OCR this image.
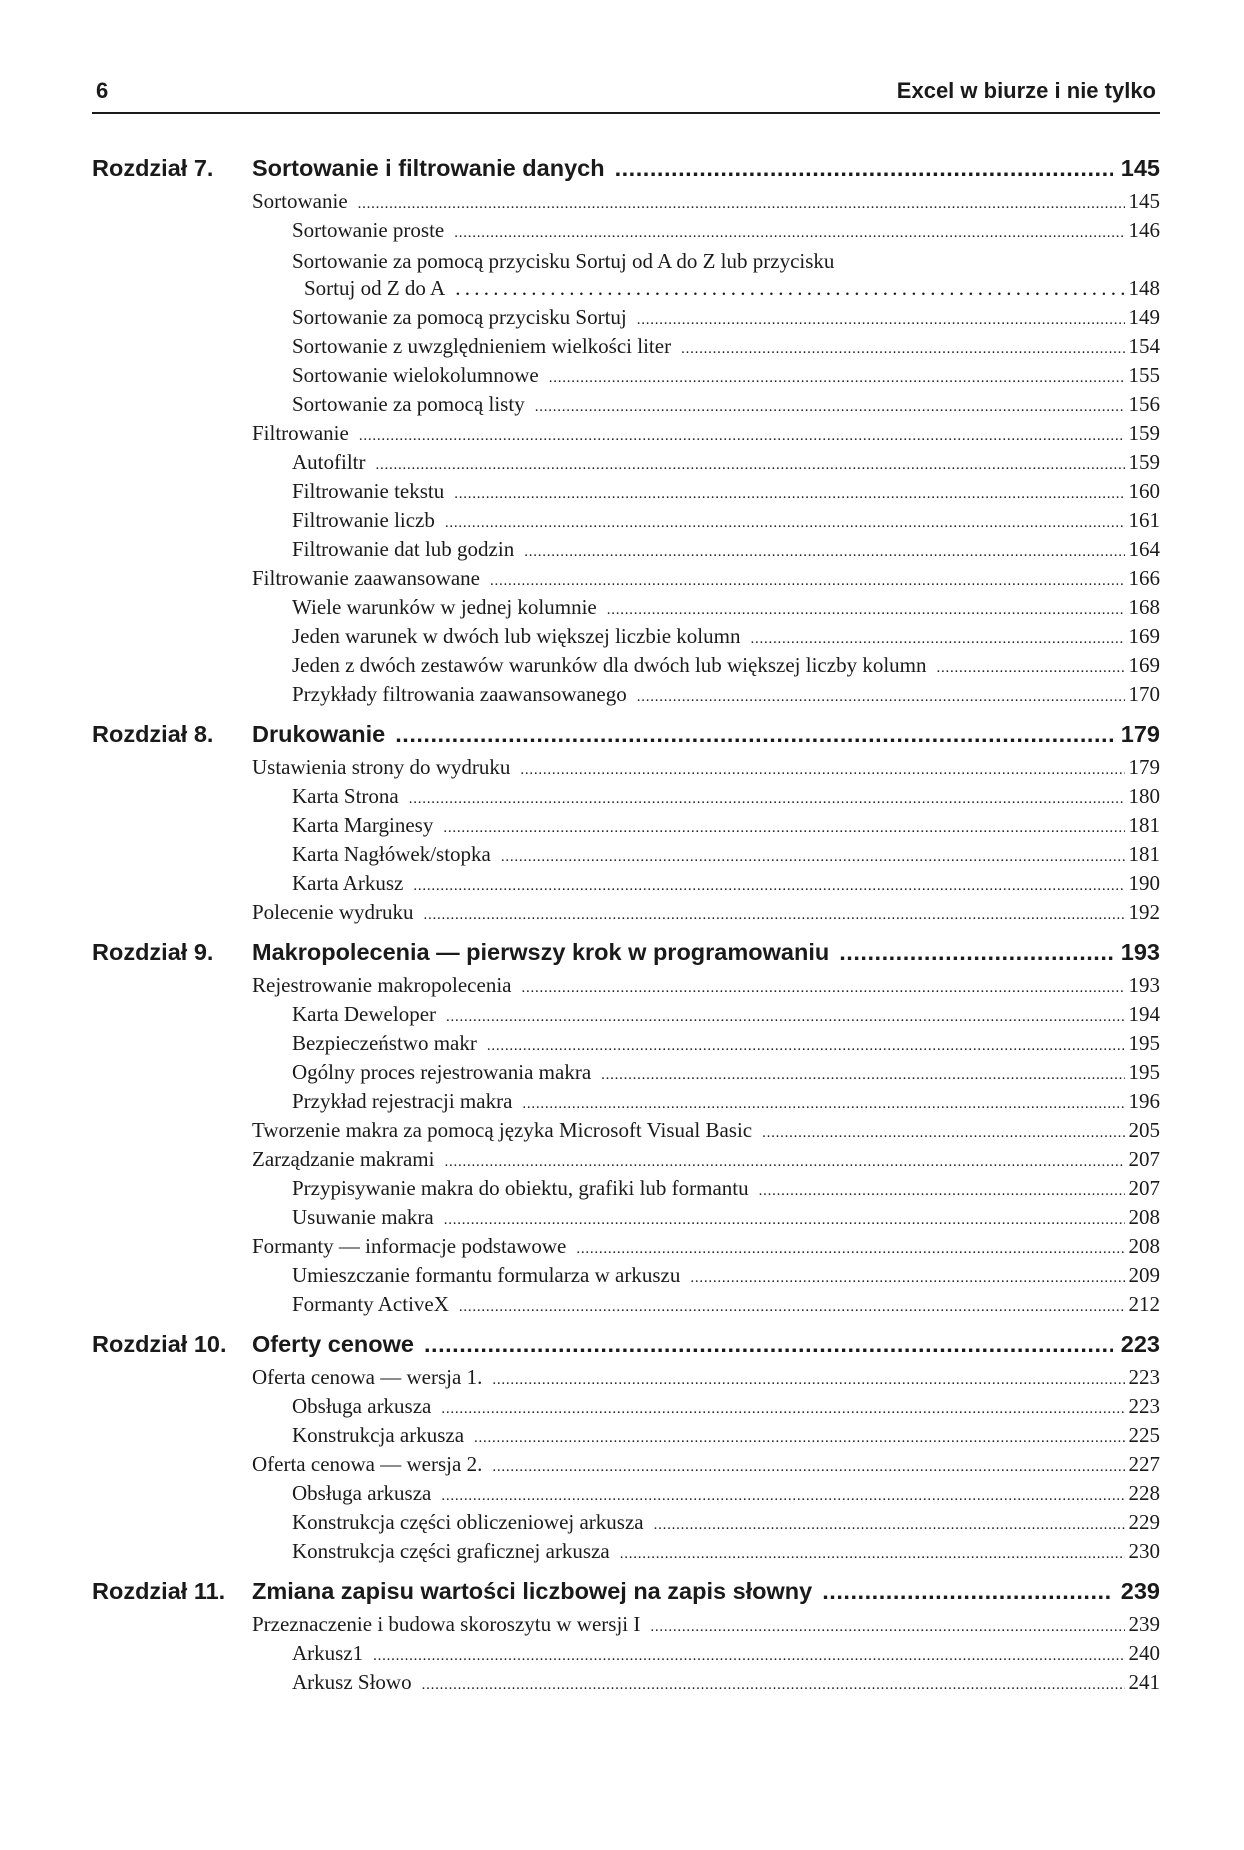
6	Excel w biurze i nie tylko
Rozdział 7.	Sortowanie i filtrowanie danych . . .	145
Sortowanie . . .	145
Sortowanie proste . . .	146
Sortowanie za pomocą przycisku Sortuj od A do Z lub przycisku
Sortuj od Z do A . . .	148
Sortowanie za pomocą przycisku Sortuj . . .	149
Sortowanie z uwzględnieniem wielkości liter . . .	154
Sortowanie wielokolumnowe . . .	155
Sortowanie za pomocą listy . . .	156
Filtrowanie . . .	159
Autofiltr . . .	159
Filtrowanie tekstu . . .	160
Filtrowanie liczb . . .	161
Filtrowanie dat lub godzin . . .	164
Filtrowanie zaawansowane . . .	166
Wiele warunków w jednej kolumnie . . .	168
Jeden warunek w dwóch lub większej liczbie kolumn . . .	169
Jeden z dwóch zestawów warunków dla dwóch lub większej liczby kolumn . . .	169
Przykłady filtrowania zaawansowanego . . .	170
Rozdział 8.	Drukowanie . . .	179
Ustawienia strony do wydruku . . .	179
Karta Strona . . .	180
Karta Marginesy . . .	181
Karta Nagłówek/stopka . . .	181
Karta Arkusz . . .	190
Polecenie wydruku . . .	192
Rozdział 9.	Makropolecenia — pierwszy krok w programowaniu . . .	193
Rejestrowanie makropolecenia . . .	193
Karta Deweloper . . .	194
Bezpieczeństwo makr . . .	195
Ogólny proces rejestrowania makra . . .	195
Przykład rejestracji makra . . .	196
Tworzenie makra za pomocą języka Microsoft Visual Basic . . .	205
Zarządzanie makrami . . .	207
Przypisywanie makra do obiektu, grafiki lub formantu . . .	207
Usuwanie makra . . .	208
Formanty — informacje podstawowe . . .	208
Umieszczanie formantu formularza w arkuszu . . .	209
Formanty ActiveX . . .	212
Rozdział 10.	Oferty cenowe . . .	223
Oferta cenowa — wersja 1. . . .	223
Obsługa arkusza . . .	223
Konstrukcja arkusza . . .	225
Oferta cenowa — wersja 2. . . .	227
Obsługa arkusza . . .	228
Konstrukcja części obliczeniowej arkusza . . .	229
Konstrukcja części graficznej arkusza . . .	230
Rozdział 11.	Zmiana zapisu wartości liczbowej na zapis słowny . . .	239
Przeznaczenie i budowa skoroszytu w wersji I . . .	239
Arkusz1 . . .	240
Arkusz Słowo . . .	241
